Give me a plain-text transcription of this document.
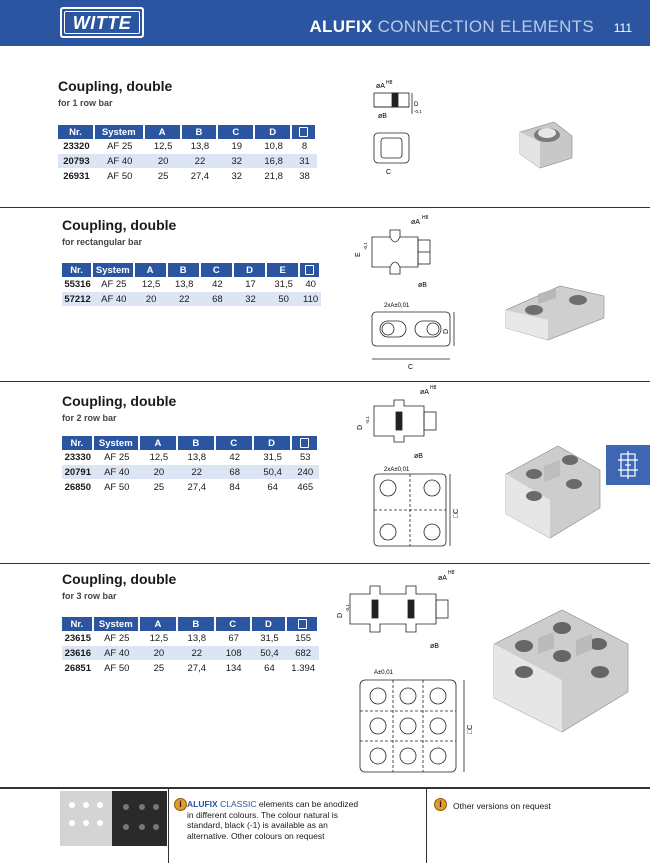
WITTE	ALUFIX CONNECTION ELEMENTS 111
Coupling, double
for 1 row bar
Nr.	System	A	B	C	D	
23320	AF 25	12,5	13,8	19	10,8	8
20793	AF 40	20	22	32	16,8	31
26931	AF 50	25	27,4	32	21,8	38
øA H8
øB
D
-0,1
C
Coupling, double
for rectangular bar
Nr.	System	A	B	C	D	E	
55316	AF 25	12,5	13,8	42	17	31,5	40
57212	AF 40	20	22	68	32	50	110
øA
H8
E
-0,1
øB
2xA±0,01
D
C
Coupling, double
for 2 row bar
Nr.	System	A	B	C	D	
23330	AF 25	12,5	13,8	42	31,5	53
20791	AF 40	20	22	68	50,4	240
26850	AF 50	25	27,4	84	64	465
øA
H8
D
-0,1
øB
2xA±0,01
□C
Coupling, double
for 3 row bar
Nr.	System	A	B	C	D	
23615	AF 25	12,5	13,8	67	31,5	155
23616	AF 40	20	22	108	50,4	682
26851	AF 50	25	27,4	134	64	1.394
øA
H8
D
-0,1
øB
A±0,01
□C
i ALUFIX CLASSIC elements can be anodized in different colours. The colour natural is standard, black (-1) is available as an alternative. Other colours on request
i	Other versions on request
